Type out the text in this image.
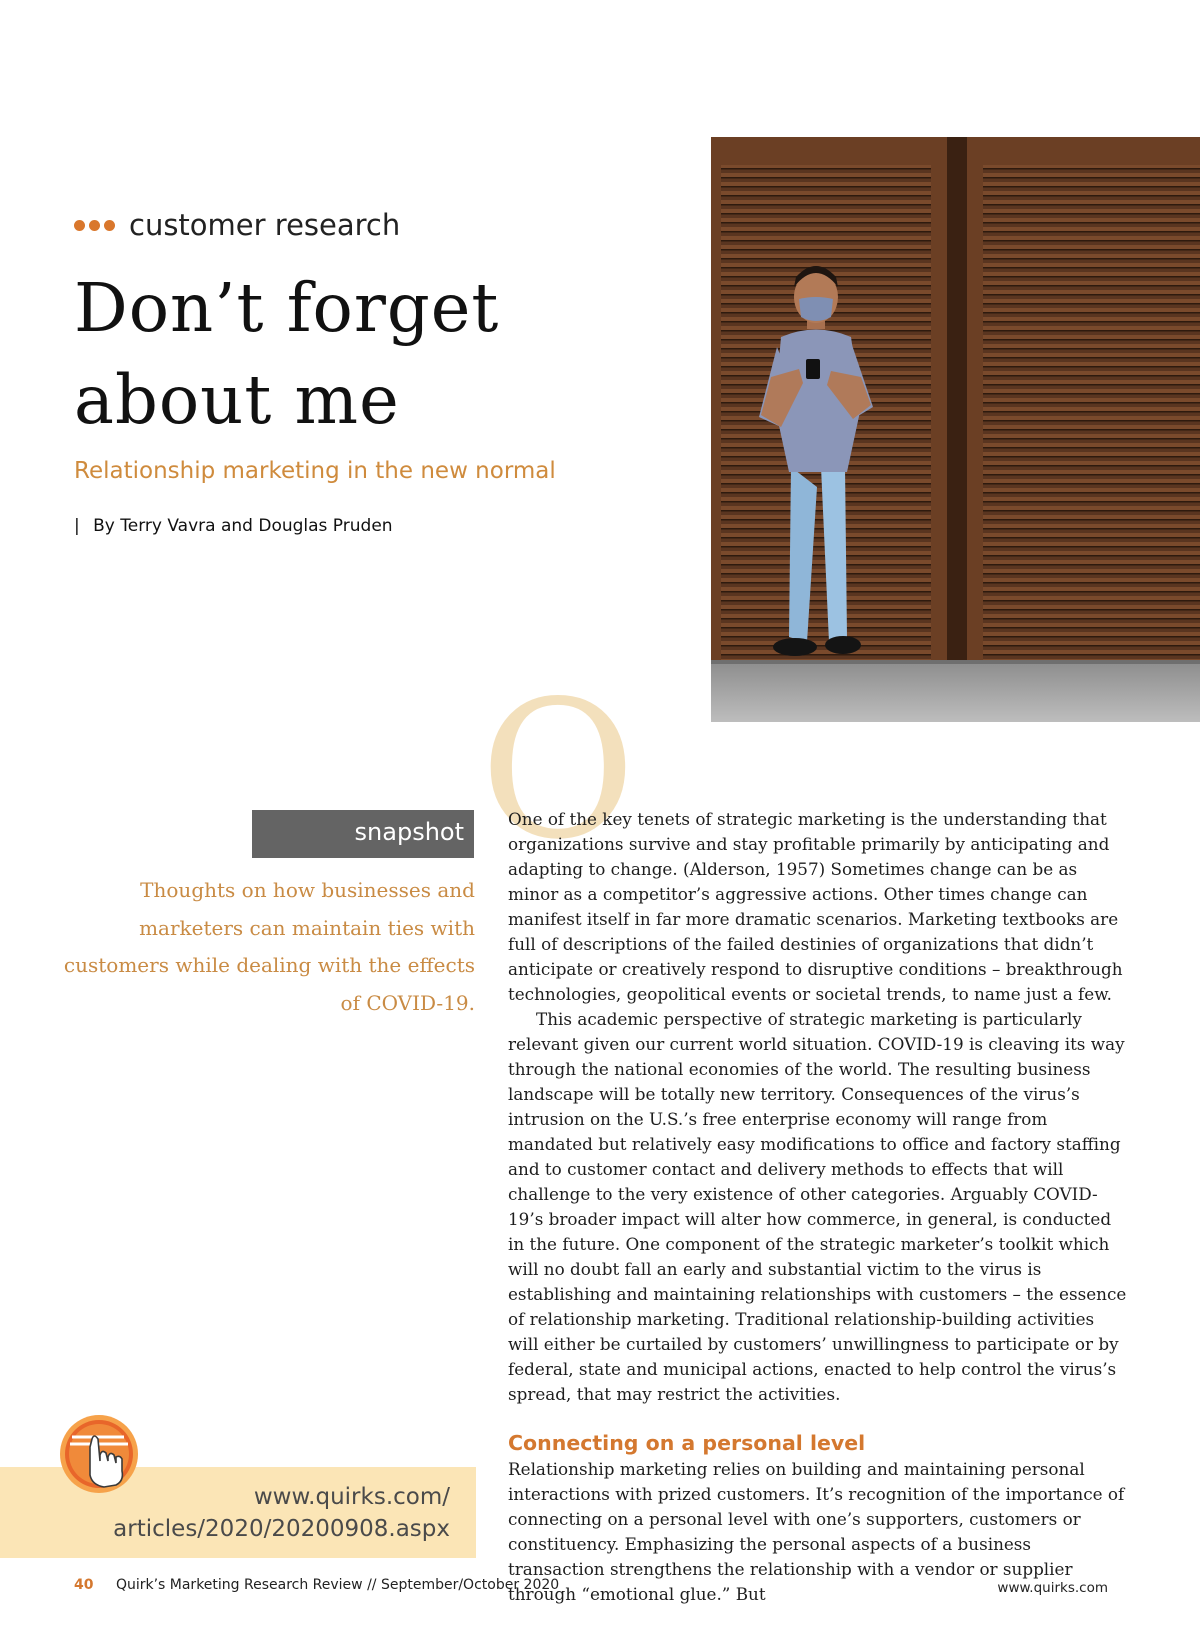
customer research
Don’t forget
about me
Relationship marketing in the new normal
| By Terry Vavra and Douglas Pruden
O
snapshot
Thoughts on how businesses and
marketers can maintain ties with
customers while dealing with the effects
of COVID-19.

One of the key tenets of strategic marketing is the understanding that organizations survive and stay profitable primarily by anticipating and adapting to change. (Alderson, 1957) Sometimes change can be as minor as a competitor’s aggressive actions. Other times change can manifest itself in far more dramatic scenarios. Marketing textbooks are full of descriptions of the failed destinies of organizations that didn’t anticipate or creatively respond to disruptive conditions – breakthrough technologies, geopolitical events or societal trends, to name just a few.

This academic perspective of strategic marketing is particularly relevant given our current world situation. COVID-19 is cleaving its way through the national economies of the world. The resulting business landscape will be totally new territory. Consequences of the virus’s intrusion on the U.S.’s free enterprise economy will range from mandated but relatively easy modifications to office and factory staffing and to customer contact and delivery methods to effects that will challenge to the very existence of other categories. Arguably COVID-19’s broader impact will alter how commerce, in general, is conducted in the future. One component of the strategic marketer’s toolkit which will no doubt fall an early and substantial victim to the virus is establishing and maintaining relationships with customers – the essence of relationship marketing. Traditional relationship-building activities will either be curtailed by customers’ unwillingness to participate or by federal, state and municipal actions, enacted to help control the virus’s spread, that may restrict the activities.

Connecting on a personal level

Relationship marketing relies on building and maintaining personal interactions with prized customers. It’s recognition of the importance of connecting on a personal level with one’s supporters, customers or constituency. Emphasizing the personal aspects of a business transaction strengthens the relationship with a vendor or supplier through “emotional glue.” But

www.quirks.com/
articles/2020/20200908.aspx
40 Quirk’s Marketing Research Review // September/October 2020	www.quirks.com
